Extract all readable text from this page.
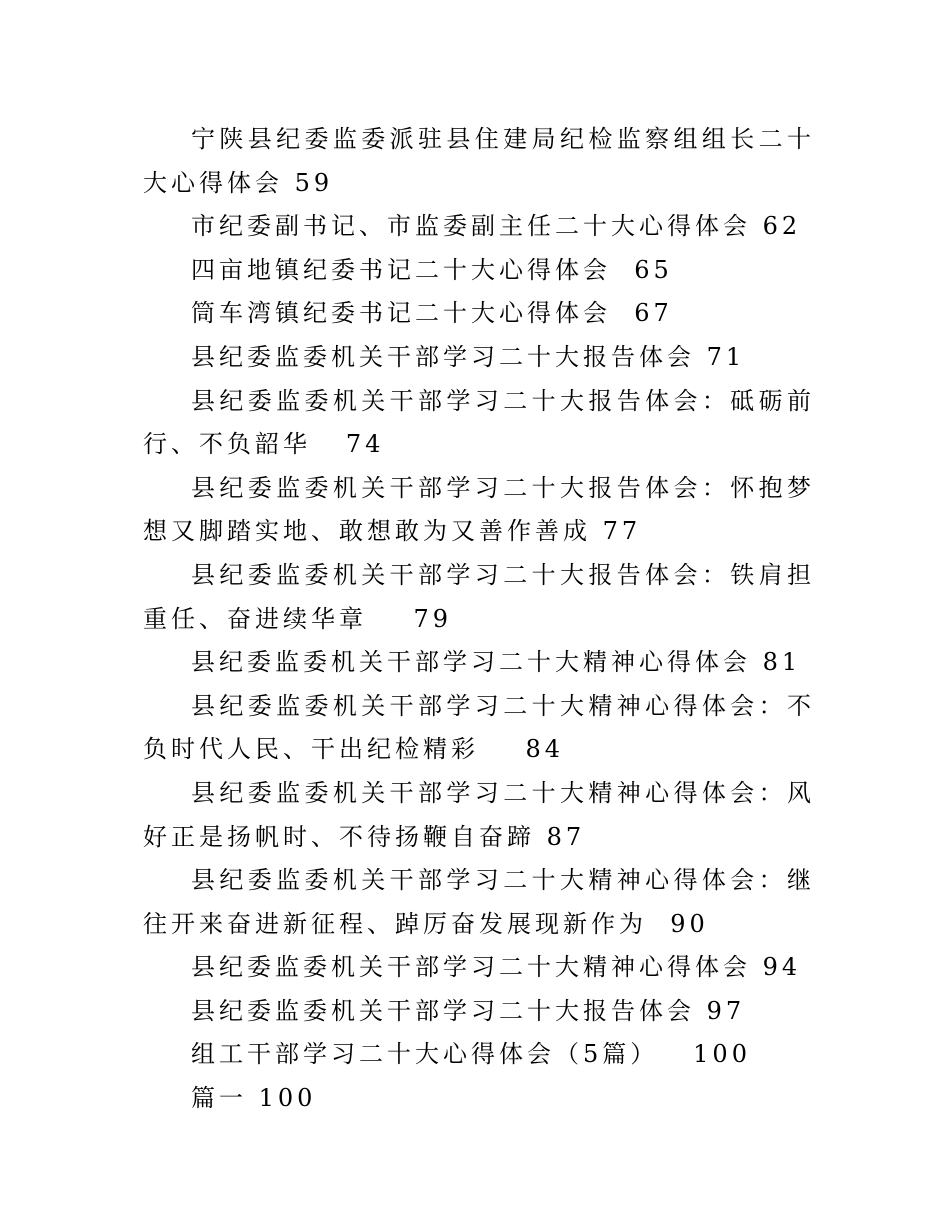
宁陕县纪委监委派驻县住建局纪检监察组组长二十大心得体会 59

市纪委副书记、市监委副主任二十大心得体会 62

四亩地镇纪委书记二十大心得体会  65

筒车湾镇纪委书记二十大心得体会  67

县纪委监委机关干部学习二十大报告体会 71

县纪委监委机关干部学习二十大报告体会：砥砺前行、不负韶华   74

县纪委监委机关干部学习二十大报告体会：怀抱梦想又脚踏实地、敢想敢为又善作善成 77

县纪委监委机关干部学习二十大报告体会：铁肩担重任、奋进续华章    79

县纪委监委机关干部学习二十大精神心得体会 81

县纪委监委机关干部学习二十大精神心得体会：不负时代人民、干出纪检精彩    84

县纪委监委机关干部学习二十大精神心得体会：风好正是扬帆时、不待扬鞭自奋蹄 87

县纪委监委机关干部学习二十大精神心得体会：继往开来奋进新征程、踔厉奋发展现新作为  90

县纪委监委机关干部学习二十大精神心得体会 94

县纪委监委机关干部学习二十大报告体会 97

组工干部学习二十大心得体会（5篇）   100

篇一 100
